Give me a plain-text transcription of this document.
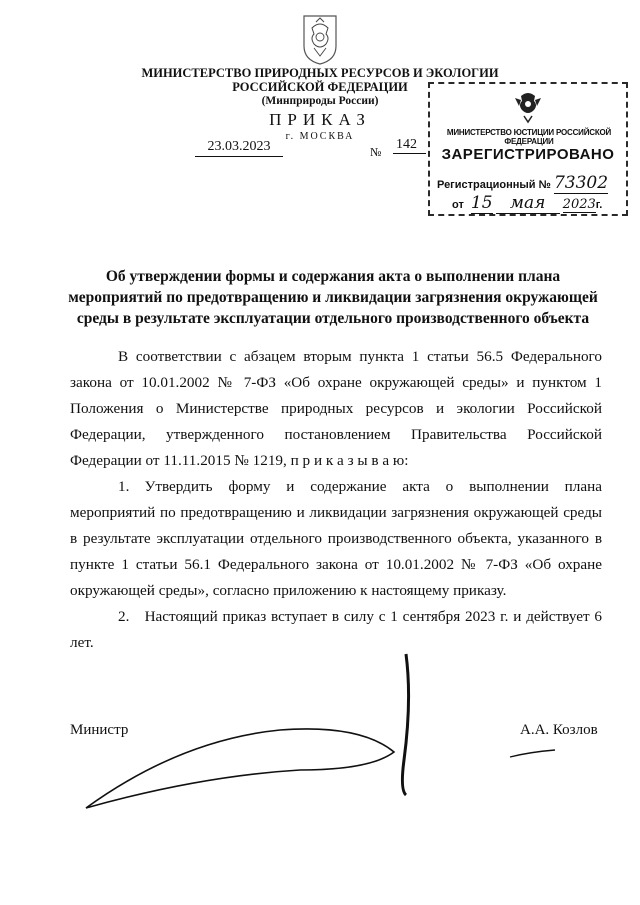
МИНИСТЕРСТВО ПРИРОДНЫХ РЕСУРСОВ И ЭКОЛОГИИ
РОССИЙСКОЙ ФЕДЕРАЦИИ
(Минприроды России)
ПРИКАЗ
г. МОСКВА
23.03.2023	№ 142
МИНИСТЕРСТВО ЮСТИЦИИ РОССИЙСКОЙ ФЕДЕРАЦИИ
ЗАРЕГИСТРИРОВАНО
Регистрационный № 73302
от 15 мая 2023г.
Об утверждении формы и содержания акта о выполнении плана
мероприятий по предотвращению и ликвидации загрязнения окружающей
среды в результате эксплуатации отдельного производственного объекта
В соответствии с абзацем вторым пункта 1 статьи 56.5 Федерального закона от 10.01.2002 № 7-ФЗ «Об охране окружающей среды» и пунктом 1 Положения о Министерстве природных ресурсов и экологии Российской Федерации, утвержденного постановлением Правительства Российской Федерации от 11.11.2015 № 1219, п р и к а з ы в а ю:
1. Утвердить форму и содержание акта о выполнении плана мероприятий по предотвращению и ликвидации загрязнения окружающей среды в результате эксплуатации отдельного производственного объекта, указанного в пункте 1 статьи 56.1 Федерального закона от 10.01.2002 № 7-ФЗ «Об охране окружающей среды», согласно приложению к настоящему приказу.
2. Настоящий приказ вступает в силу с 1 сентября 2023 г. и действует 6 лет.
Министр	А.А. Козлов
